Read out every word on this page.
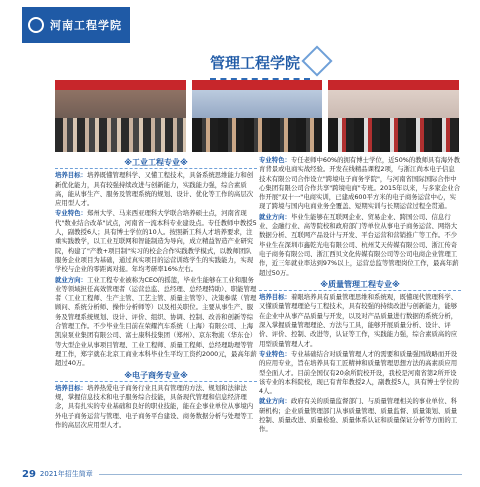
河南工程学院
管理工程学院
※工业工程专业※

培养目标：培养既懂管理科学、又懂工程技术，具备系统思维能力和创新优化能力，具有较强持续改进与创新能力，实践能力强，综合素质高，能从事生产、服务及管理系统的规划、设计、优化等工作的高层次应用型人才。

专业特色：郑州大学、马来西亚理科大学联合培养硕士点，河南省现代"数业结合改革"试点，河南省一流本科专业建设点。专任教师中教授5人，副教授6人；具有博士学位的10人。按照新工科人才培养要求，注重实践教学，以工业互联网和智能制造为导向，成立精益智造产业研究院，构建了"产教+项目制"实习的校企合作实践教学模式，以教师团队服务企业项目为基础，通过真实项目的运营训练学生的实践能力，实现学校与企业的零距离对接。年均考研率16%左右。

就业方向：工业工程专业被称为CEO的摇篮，毕业生能够在工业和服务业等领域担任高效管理者（运营总监、总经理、总经理特助）、职能管理者（工业工程师、生产主管、工艺主管、质量主管等）、决策参谋（管理顾问、系统分析师、操作分析师等）以及相关职位。主要从事生产、服务及管理系统规划、设计、评价、组织、协调、控制、改善和创新等综合管理工作。不少毕业生目前在荣耀汽车系统（上海）有限公司、上海凯泉泵业集团有限公司、富士康科技集团（郑州）、京东物流（华东仓）等大型企业从事项目管理、工业工程师、质量工程师、总经理助理等管理工作，郑宇就在北京工商业本科毕业生平均工资约2000元，最高年薪超过40万。

※电子商务专业※

培养目标：培养热爱电子商务行业且具有管理的方法、规划和法律法规，掌握信息技术和电子服务综合技能，具备现代管理和信息经济理念，具有扎实的专业基础和良好的职业技能，能在企事业单位从事境内外电子商务运营与管理、电子商务平台建设、商务数据分析与处理等工作的高层次应用型人才。

专业特色：专任老师中60%的拥有博士学位，近50%的教师具有海外教育背景或电商实战经验。开发在线精品课程2项，与浙江尚本电子信息技术有限公司合作设立"跨境电子商务学院"，与河南省国际国际合作中心集团有限公司合作共享"跨境电商"专班。2015年以来，与多家企业合作开展"双十一"电商实训，已建成600平方米的电子商务运营中心，实现了跨境与国内电商业务全覆盖、短期实训与长期运营过程全贯通。

就业方向：毕业生能够在互联网企业、贸易企业、跨国公司、信息行业、金融行业、高等院校和政府部门等单位从事电子商务运营、网络大数据分析、互联网产品设计与开发、平台运营和营销推广等工作。不少毕业生在深圳市鑫乾光电有限公司、杭州艾天传媒有限公司、浙江传奇电子商务有限公司、浙江西贝文化传媒有限公司等公司电商企业管理工作，近三年就业率达到97%以上，运营总监等管理岗位工作，最高年薪超过50万。

※质量管理工程专业※

培养目标：着眼培养具有质量管理思维和系统观，既懂现代管理科学、又懂质量管理理论与工程技术，具有较强的持续改进与创新能力，能够在企业中从事产品质量与开发，以及对产品质量进行数据的系统分析，深入掌握质量管理理论、方法与工具，能够开展质量分析、设计、评价、评价、控制、改进等，认证等工作，实践能力强，综合素质高的应用型质量管理人才。

专业特色：专业基础结合对质量管理人才的需要和质量强国战略而开设的应用专业，旨在培养具有工匠精神和质量管理思想方法的高素质应用型全面人才。目前全国仅有20余所院校开设，我校是河南省第2所开设该专业的本科院校，现已有青年教授2人，副教授5人，具有博士学位的4人。

就业方向：政府有关的质量监督部门、与质量管理相关的事业单位、科研机构；企业质量管理部门从事质量管理、质量监督、质量策划、质量控制、质量改进、质量检验、质量体系认证和质量保证分析等方面的工作。

29 2021年招生简章
